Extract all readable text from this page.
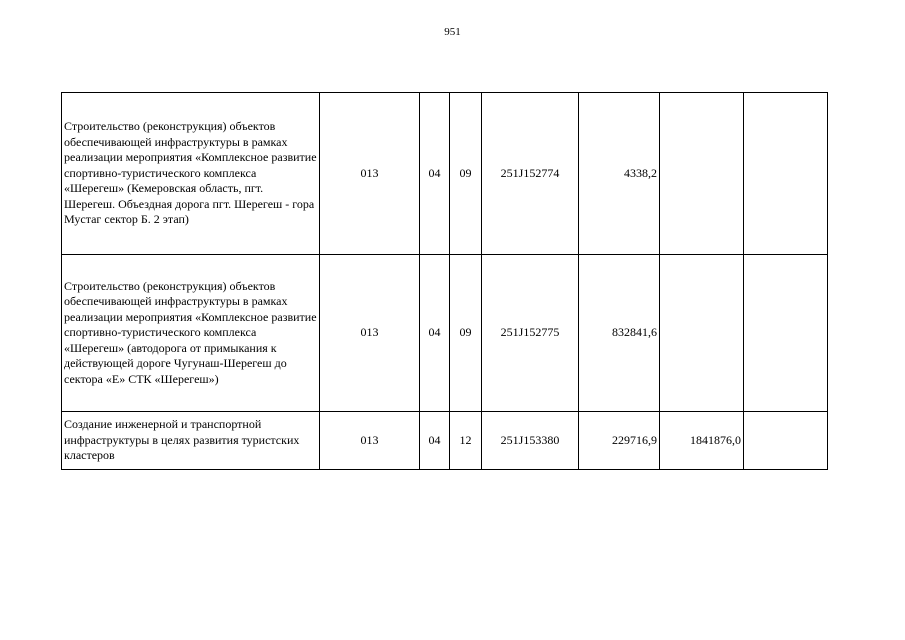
951
Строительство (реконструкция) объектов обеспечивающей инфраструктуры в рамках реализации мероприятия «Комплексное развитие спортивно-туристического комплекса «Шерегеш» (Кемеровская область, пгт. Шерегеш. Объездная дорога пгт. Шерегеш - гора Мустаг сектор Б. 2 этап)	013	04	09	251J152774	4338,2		
Строительство (реконструкция) объектов обеспечивающей инфраструктуры в рамках реализации мероприятия «Комплексное развитие спортивно-туристического комплекса «Шерегеш» (автодорога от примыкания к действующей дороге Чугунаш-Шерегеш до сектора «Е» СТК «Шерегеш»)	013	04	09	251J152775	832841,6		
Создание инженерной и транспортной инфраструктуры в целях развития туристских кластеров	013	04	12	251J153380	229716,9	1841876,0	
